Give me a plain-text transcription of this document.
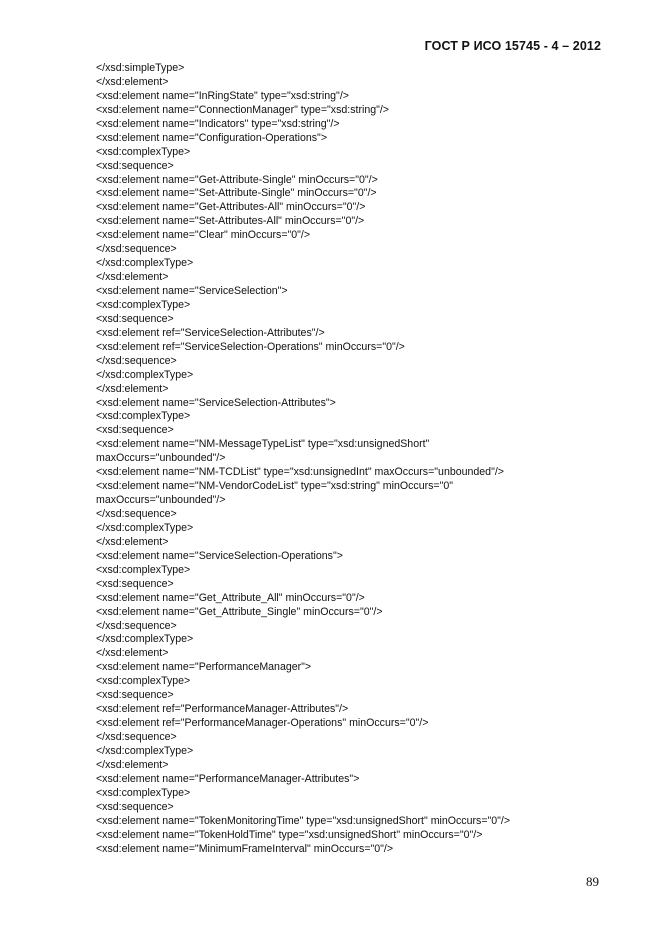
ГОСТ Р ИСО 15745 - 4 – 2012
</xsd:simpleType>
</xsd:element>
<xsd:element name="InRingState" type="xsd:string"/>
<xsd:element name="ConnectionManager" type="xsd:string"/>
<xsd:element name="Indicators" type="xsd:string"/>
<xsd:element name="Configuration-Operations">
<xsd:complexType>
<xsd:sequence>
<xsd:element name="Get-Attribute-Single" minOccurs="0"/>
<xsd:element name="Set-Attribute-Single" minOccurs="0"/>
<xsd:element name="Get-Attributes-All" minOccurs="0"/>
<xsd:element name="Set-Attributes-All" minOccurs="0"/>
<xsd:element name="Clear" minOccurs="0"/>
</xsd:sequence>
</xsd:complexType>
</xsd:element>
<xsd:element name="ServiceSelection">
<xsd:complexType>
<xsd:sequence>
<xsd:element ref="ServiceSelection-Attributes"/>
<xsd:element ref="ServiceSelection-Operations" minOccurs="0"/>
</xsd:sequence>
</xsd:complexType>
</xsd:element>
<xsd:element name="ServiceSelection-Attributes">
<xsd:complexType>
<xsd:sequence>
<xsd:element name="NM-MessageTypeList" type="xsd:unsignedShort"
maxOccurs="unbounded"/>
<xsd:element name="NM-TCDList" type="xsd:unsignedInt" maxOccurs="unbounded"/>
<xsd:element name="NM-VendorCodeList" type="xsd:string" minOccurs="0"
maxOccurs="unbounded"/>
</xsd:sequence>
</xsd:complexType>
</xsd:element>
<xsd:element name="ServiceSelection-Operations">
<xsd:complexType>
<xsd:sequence>
<xsd:element name="Get_Attribute_All" minOccurs="0"/>
<xsd:element name="Get_Attribute_Single" minOccurs="0"/>
</xsd:sequence>
</xsd:complexType>
</xsd:element>
<xsd:element name="PerformanceManager">
<xsd:complexType>
<xsd:sequence>
<xsd:element ref="PerformanceManager-Attributes"/>
<xsd:element ref="PerformanceManager-Operations" minOccurs="0"/>
</xsd:sequence>
</xsd:complexType>
</xsd:element>
<xsd:element name="PerformanceManager-Attributes">
<xsd:complexType>
<xsd:sequence>
<xsd:element name="TokenMonitoringTime" type="xsd:unsignedShort" minOccurs="0"/>
<xsd:element name="TokenHoldTime" type="xsd:unsignedShort" minOccurs="0"/>
<xsd:element name="MinimumFrameInterval" minOccurs="0"/>
89
